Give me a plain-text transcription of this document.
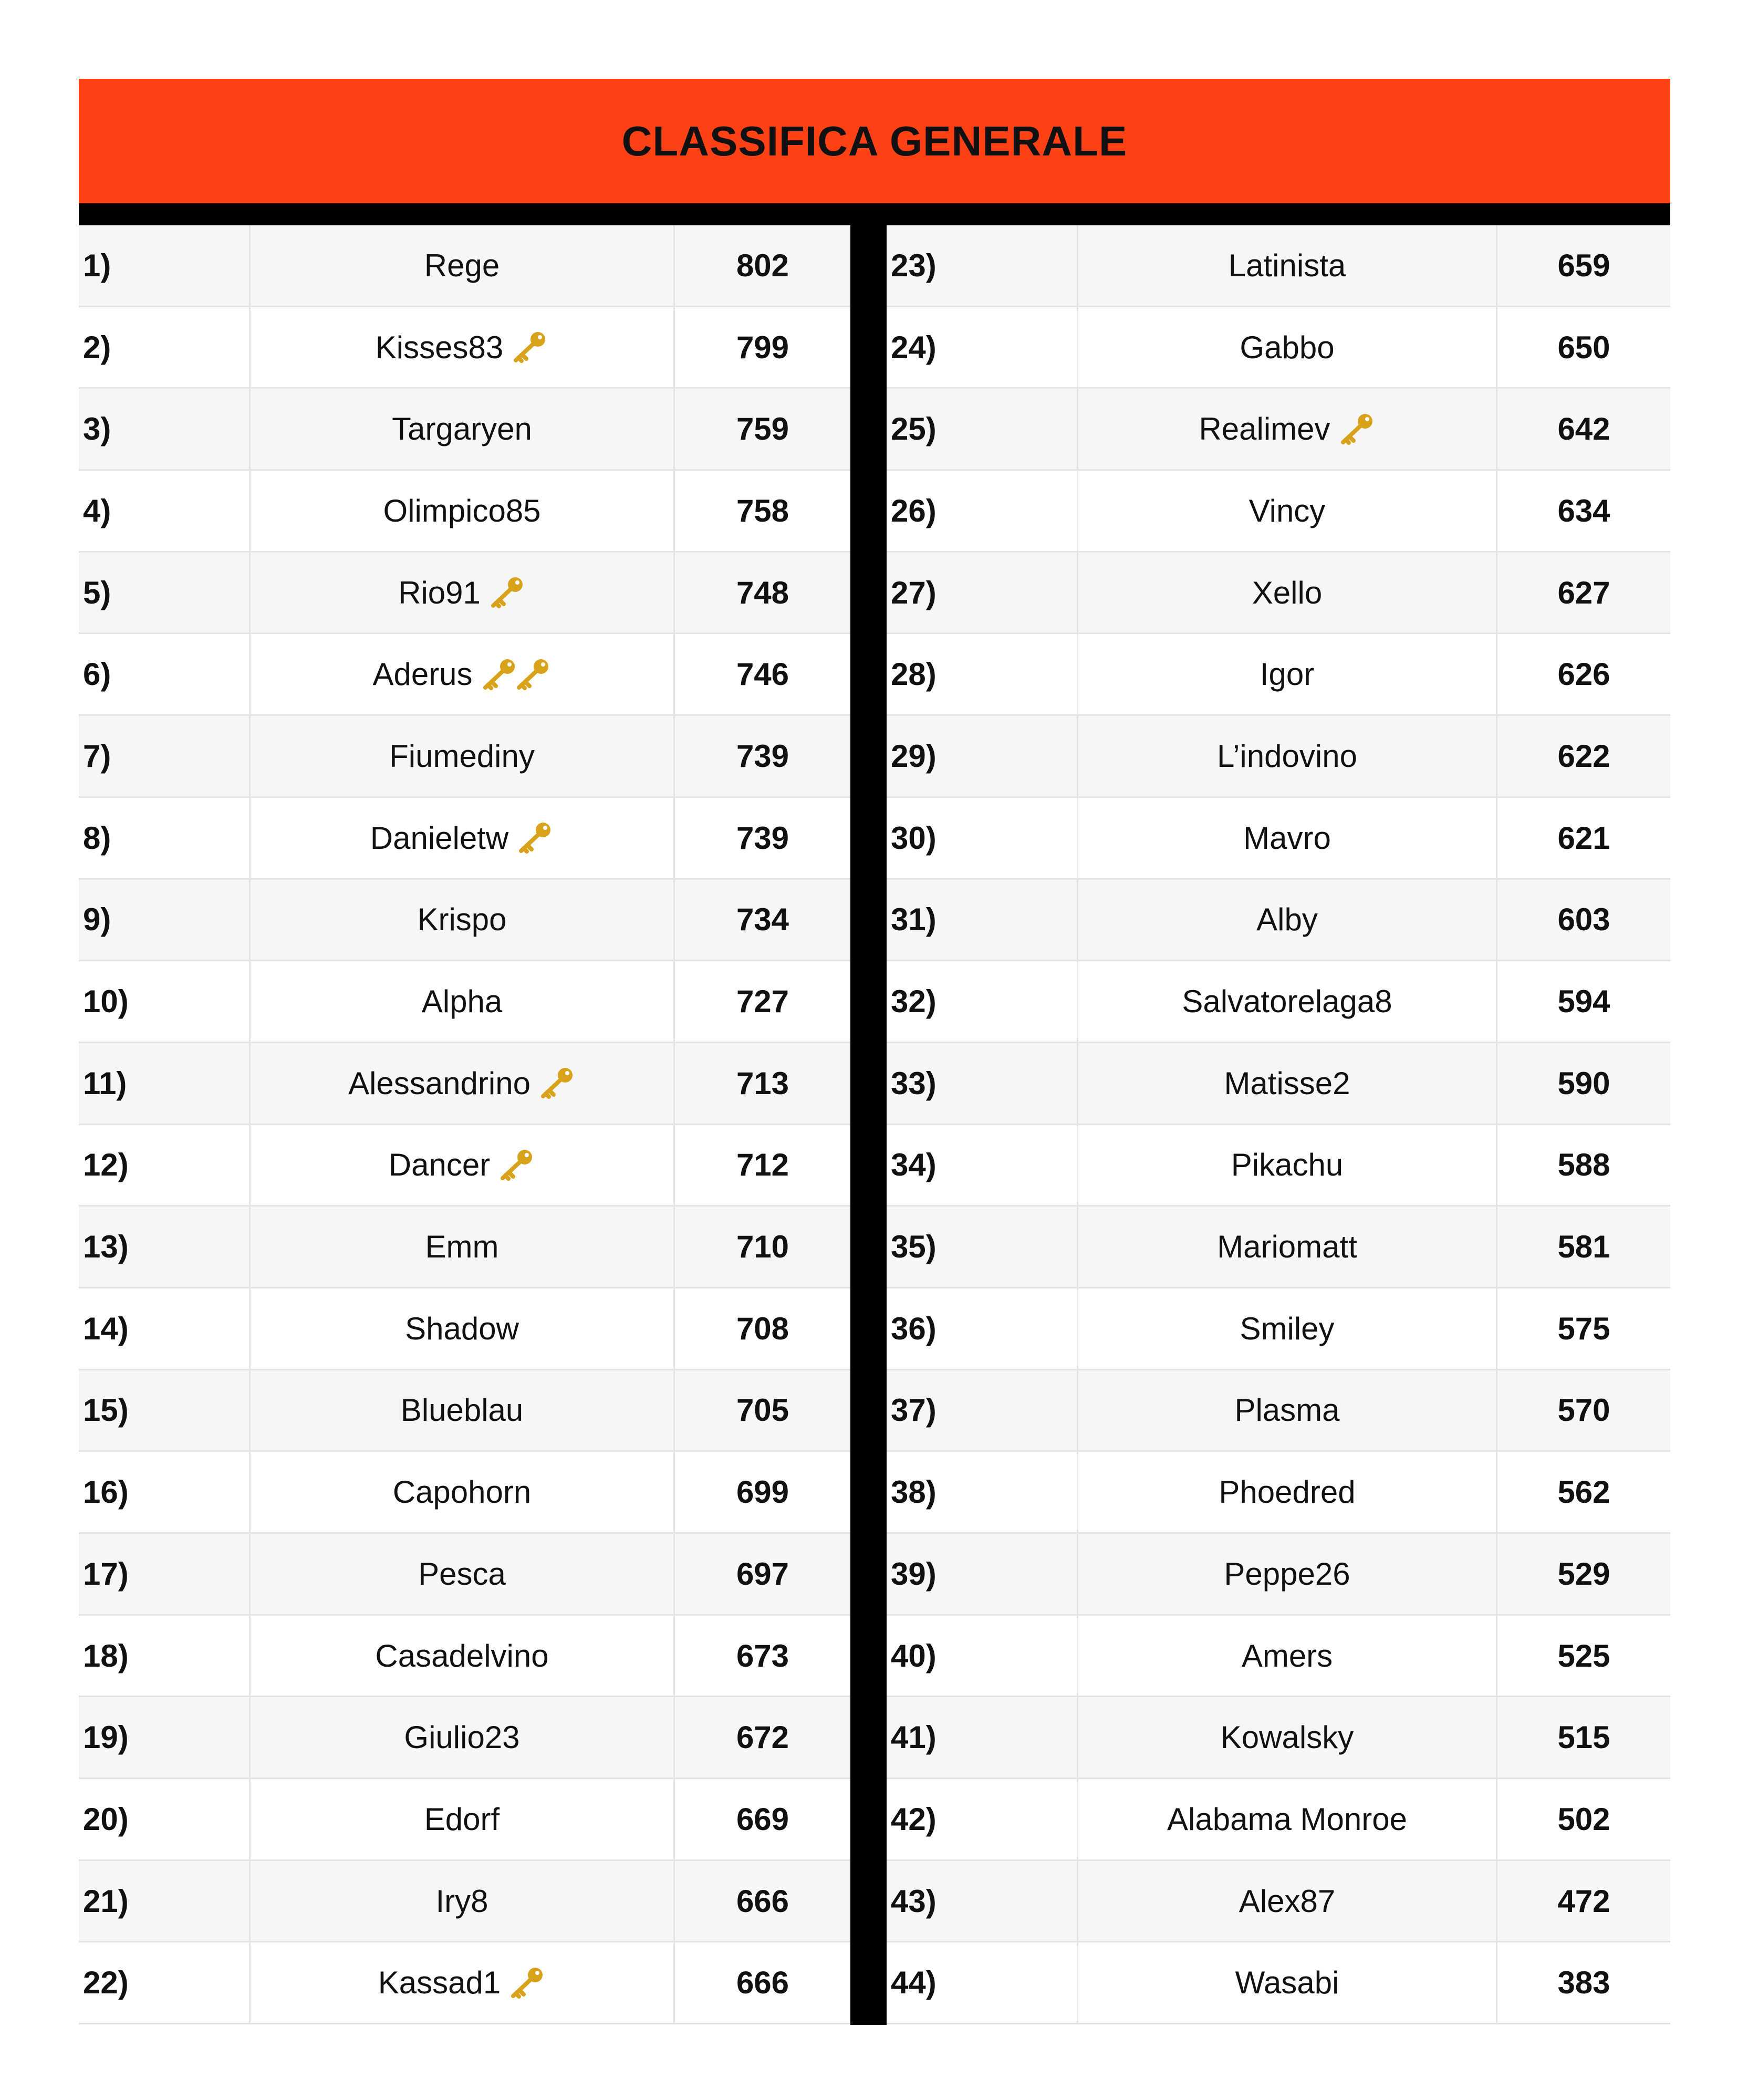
CLASSIFICA GENERALE
1)	Rege	802
2)	Kisses83	799
3)	Targaryen	759
4)	Olimpico85	758
5)	Rio91	748
6)	Aderus	746
7)	Fiumediny	739
8)	Danieletw	739
9)	Krispo	734
10)	Alpha	727
11)	Alessandrino	713
12)	Dancer	712
13)	Emm	710
14)	Shadow	708
15)	Blueblau	705
16)	Capohorn	699
17)	Pesca	697
18)	Casadelvino	673
19)	Giulio23	672
20)	Edorf	669
21)	Iry8	666
22)	Kassad1	666
23)	Latinista	659
24)	Gabbo	650
25)	Realimev	642
26)	Vincy	634
27)	Xello	627
28)	Igor	626
29)	L’indovino	622
30)	Mavro	621
31)	Alby	603
32)	Salvatorelaga8	594
33)	Matisse2	590
34)	Pikachu	588
35)	Mariomatt	581
36)	Smiley	575
37)	Plasma	570
38)	Phoedred	562
39)	Peppe26	529
40)	Amers	525
41)	Kowalsky	515
42)	Alabama Monroe	502
43)	Alex87	472
44)	Wasabi	383
